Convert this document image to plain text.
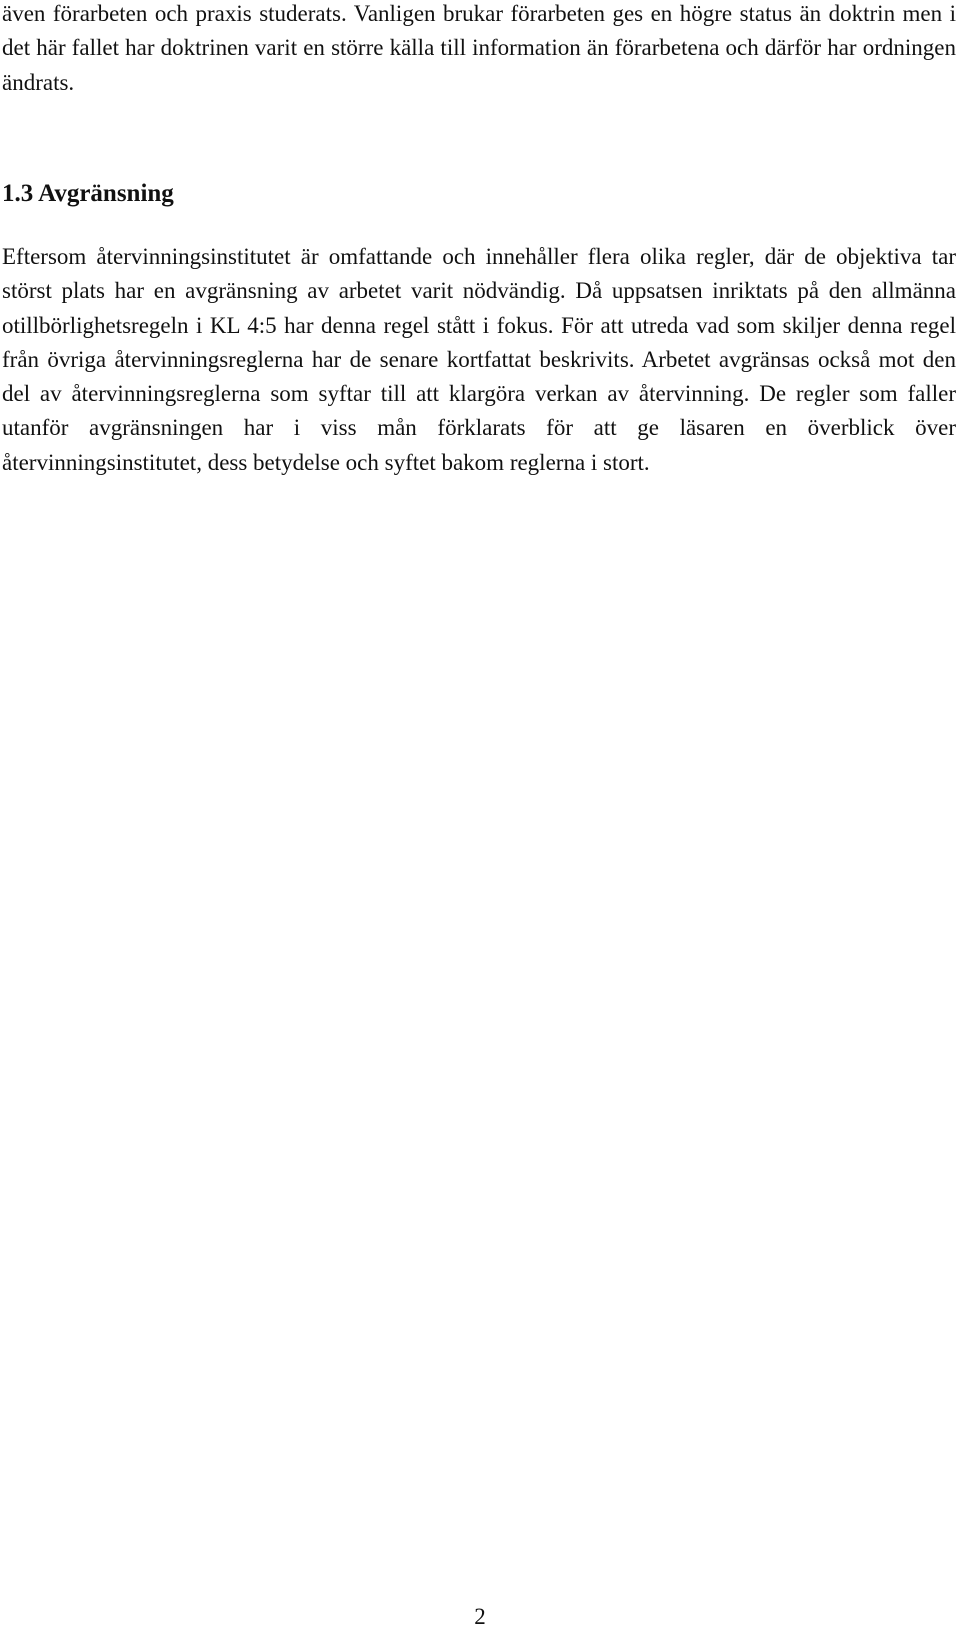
även förarbeten och praxis studerats. Vanligen brukar förarbeten ges en högre status än doktrin men i det här fallet har doktrinen varit en större källa till information än förarbetena och därför har ordningen ändrats.

1.3 Avgränsning

Eftersom återvinningsinstitutet är omfattande och innehåller flera olika regler, där de objektiva tar störst plats har en avgränsning av arbetet varit nödvändig. Då uppsatsen inriktats på den allmänna otillbörlighetsregeln i KL 4:5 har denna regel stått i fokus. För att utreda vad som skiljer denna regel från övriga återvinningsreglerna har de senare kortfattat beskrivits. Arbetet avgränsas också mot den del av återvinningsreglerna som syftar till att klargöra verkan av återvinning. De regler som faller utanför avgränsningen har i viss mån förklarats för att ge läsaren en överblick över återvinningsinstitutet, dess betydelse och syftet bakom reglerna i stort.

2
